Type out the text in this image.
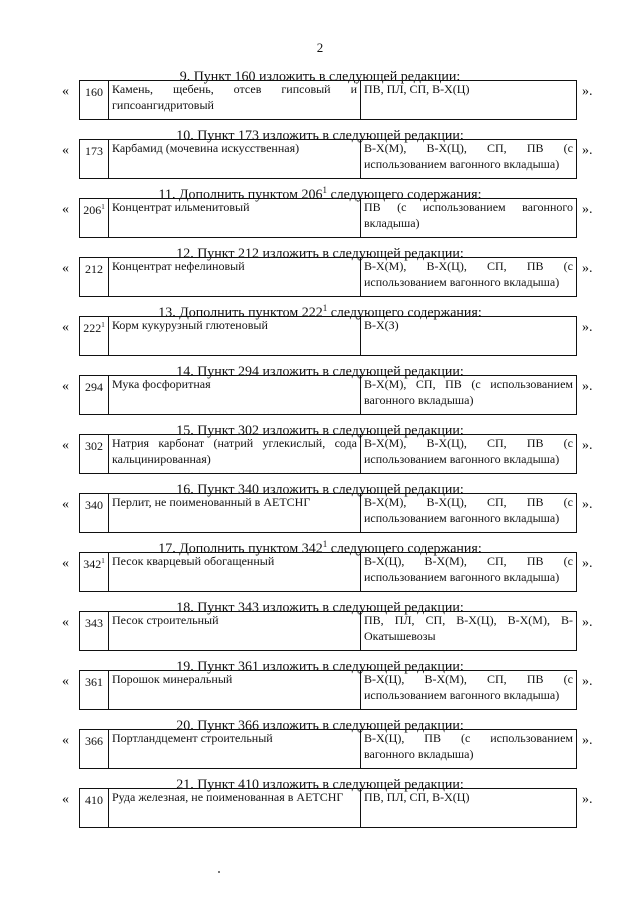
2
9. Пункт 160 изложить в следующей редакции:
« 160	Камень, щебень, отсев гипсовый и гипсоангидритовый	ПВ, ПЛ, СП, В-Х(Ц)	».
10. Пункт 173 изложить в следующей редакции:
« 173	Карбамид (мочевина искусственная)	В-Х(М), В-Х(Ц), СП, ПВ (с использованием вагонного вкладыша)
».
11. Дополнить пунктом $206^1$ следующего содержания:
« $206^1$	Концентрат ильменитовый	ПВ (с использованием вагонного вкладыша)
».
12. Пункт 212 изложить в следующей редакции:
« 212	Концентрат нефелиновый	В-Х(М), В-Х(Ц), СП, ПВ (с использованием вагонного вкладыша)
».
13. Дополнить пунктом $222^1$ следующего содержания:
« $222^1$	Корм кукурузный глютеновый	В-Х(З)	».
14. Пункт 294 изложить в следующей редакции:
« 294	Мука фосфоритная	В-Х(М), СП, ПВ (с использованием вагонного вкладыша)
».
15. Пункт 302 изложить в следующей редакции:
« 302	Натрия карбонат (натрий углекислый, сода кальцинированная)	В-Х(М), В-Х(Ц), СП, ПВ (с использованием вагонного вкладыша)
».
16. Пункт 340 изложить в следующей редакции:
« 340	Перлит, не поименованный в АЕТСНГ	В-Х(М), В-Х(Ц), СП, ПВ (с использованием вагонного вкладыша)
».
17. Дополнить пунктом $342^1$ следующего содержания:
« $342^1$	Песок кварцевый обогащенный	В-Х(Ц), В-Х(М), СП, ПВ (с использованием вагонного вкладыша)
».
18. Пункт 343 изложить в следующей редакции:
« 343	Песок строительный	ПВ, ПЛ, СП, В-Х(Ц), В-Х(М), В-Окатышевозы
».
19. Пункт 361 изложить в следующей редакции:
« 361	Порошок минеральный	В-Х(Ц), В-Х(М), СП, ПВ (с использованием вагонного вкладыша)
».
20. Пункт 366 изложить в следующей редакции:
« 366	Портландцемент строительный	В-Х(Ц), ПВ (с использованием вагонного вкладыша)
».
21. Пункт 410 изложить в следующей редакции:
« 410	Руда железная, не поименованная в АЕТСНГ	ПВ, ПЛ, СП, В-Х(Ц)	».
